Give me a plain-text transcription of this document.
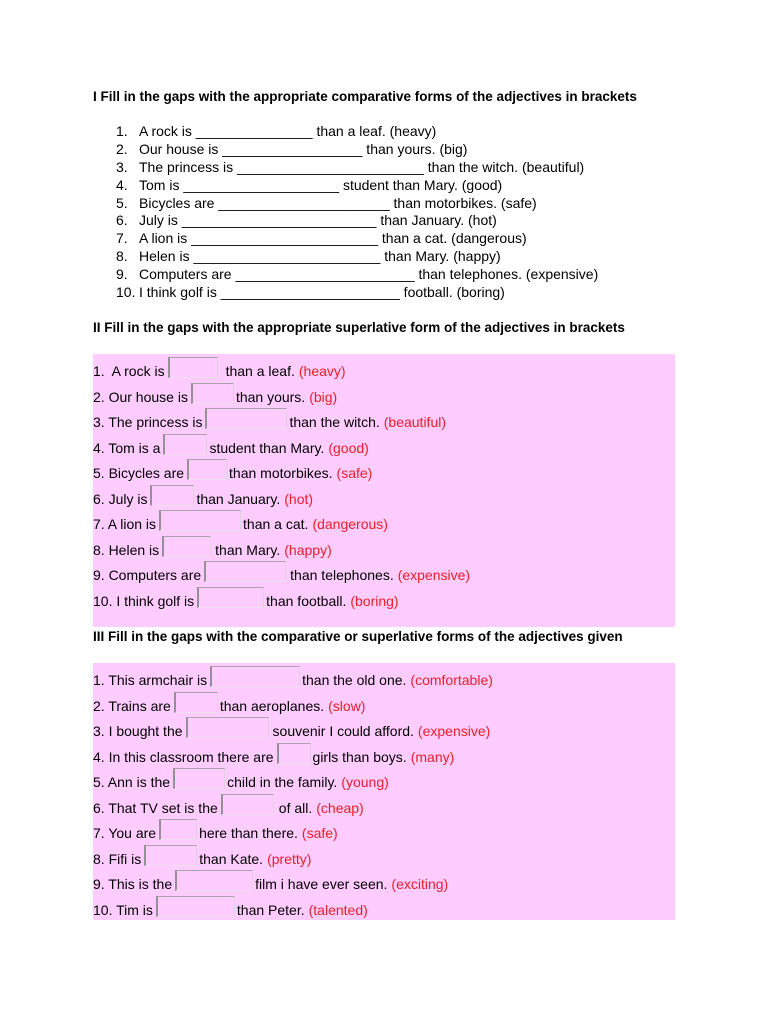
I Fill in the gaps with the appropriate comparative forms of the adjectives in brackets
1. A rock is _______________ than a leaf. (heavy)
2. Our house is __________________ than yours. (big)
3. The princess is ________________________ than the witch. (beautiful)
4. Tom is ____________________ student than Mary. (good)
5. Bicycles are ______________________ than motorbikes. (safe)
6. July is _________________________ than January. (hot)
7. A lion is ________________________ than a cat. (dangerous)
8. Helen is ________________________ than Mary. (happy)
9. Computers are _______________________ than telephones. (expensive)
10. I think golf is _______________________ football. (boring)
II Fill in the gaps with the appropriate superlative form of the adjectives in brackets
1.  A rock is	than a leaf. (heavy)
2. Our house is	than yours. (big)
3. The princess is	than the witch. (beautiful)
4. Tom is a	student than Mary. (good)
5. Bicycles are	than motorbikes. (safe)
6. July is	than January. (hot)
7. A lion is	than a cat. (dangerous)
8. Helen is	than Mary. (happy)
9. Computers are	than telephones. (expensive)
10. I think golf is	than football. (boring)
III Fill in the gaps with the comparative or superlative forms of the adjectives given
1. This armchair is	than the old one. (comfortable)
2. Trains are	than aeroplanes. (slow)
3. I bought the	souvenir I could afford. (expensive)
4. In this classroom there are	girls than boys. (many)
5. Ann is the	child in the family. (young)
6. That TV set is the	of all. (cheap)
7. You are	here than there. (safe)
8. Fifi is	than Kate. (pretty)
9. This is the	film i have ever seen. (exciting)
10. Tim is	than Peter. (talented)
